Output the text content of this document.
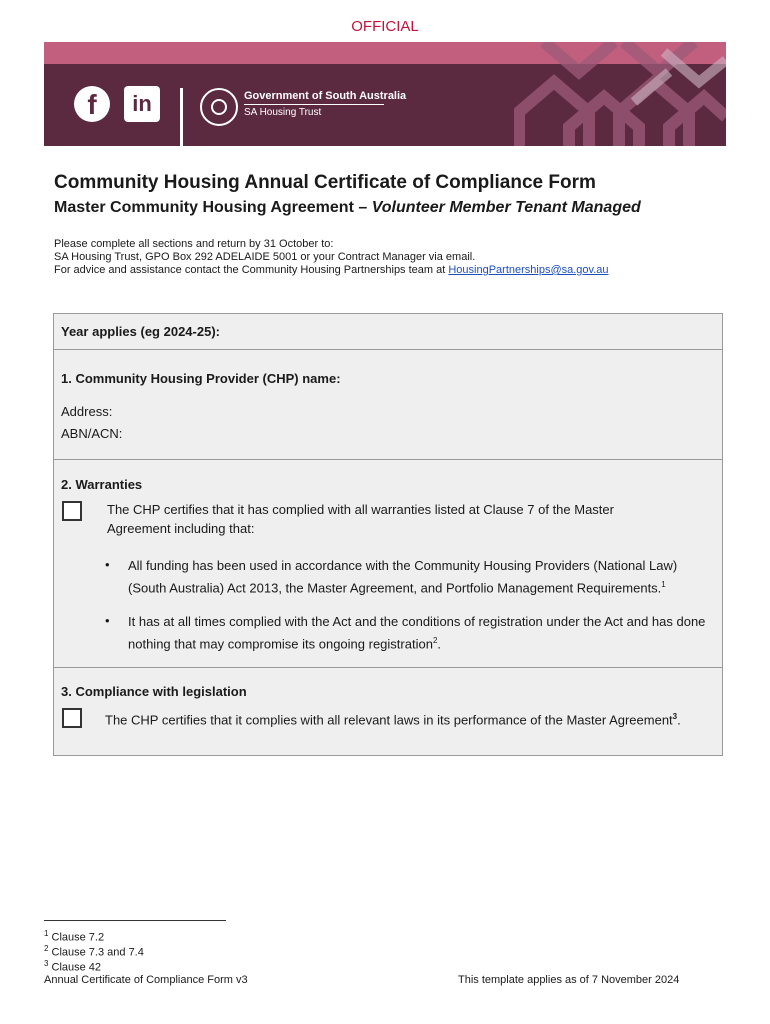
OFFICIAL
f	in	Government of South Australia
SA Housing Trust
Community Housing Annual Certificate of Compliance Form
Master Community Housing Agreement – Volunteer Member Tenant Managed
Please complete all sections and return by 31 October to:
SA Housing Trust, GPO Box 292 ADELAIDE 5001 or your Contract Manager via email.
For advice and assistance contact the Community Housing Partnerships team at HousingPartnerships@sa.gov.au
Year applies (eg 2024-25):
1. Community Housing Provider (CHP) name:
Address:
ABN/ACN:
2. Warranties
The CHP certifies that it has complied with all warranties listed at Clause 7 of the Master Agreement including that:
• All funding has been used in accordance with the Community Housing Providers (National Law) (South Australia) Act 2013, the Master Agreement, and Portfolio Management Requirements.$^1$
• It has at all times complied with the Act and the conditions of registration under the Act and has done nothing that may compromise its ongoing registration$^2$.
3. Compliance with legislation
The CHP certifies that it complies with all relevant laws in its performance of the Master Agreement$^3$.
$^1$ Clause 7.2
$^2$ Clause 7.3 and 7.4
$^3$ Clause 42
Annual Certificate of Compliance Form v3	This template applies as of 7 November 2024
